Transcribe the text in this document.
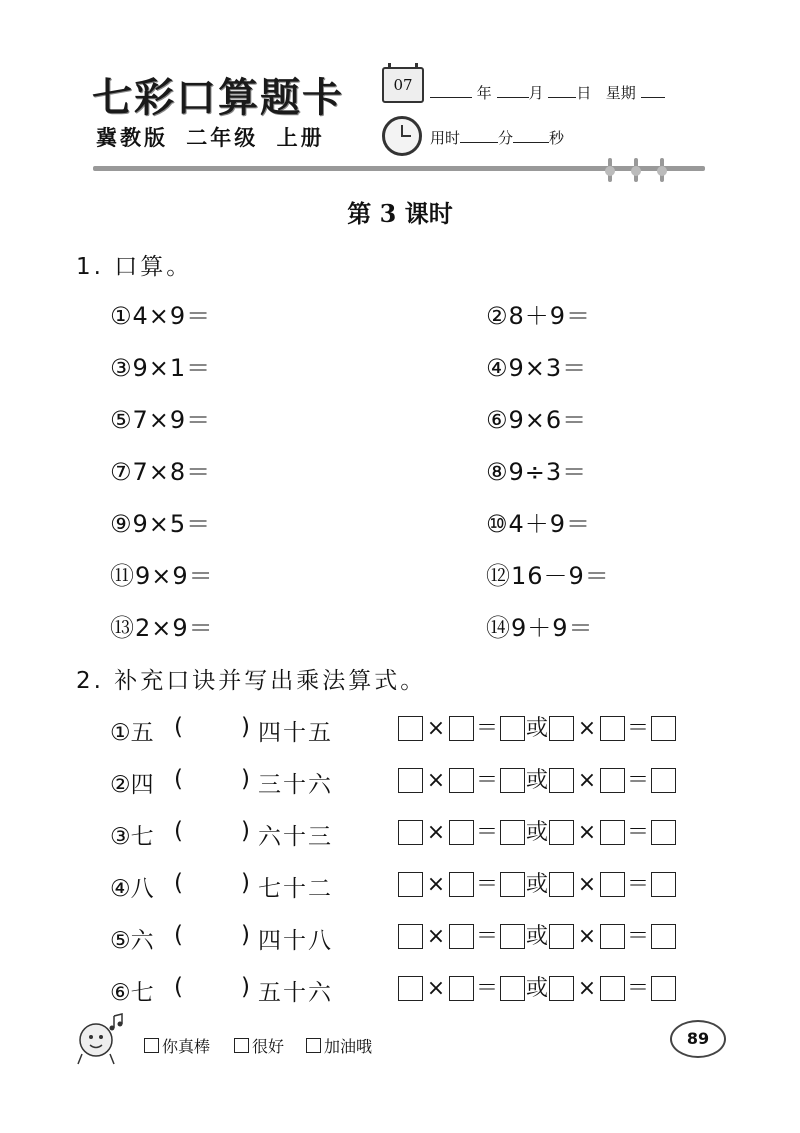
七彩口算题卡
冀教版 二年级 上册
07	年 月 日 星期
用时	分 秒
第 3 课时
1. 口算。
①4×9＝	②8＋9＝
③9×1＝	④9×3＝
⑤7×9＝	⑥9×6＝
⑦7×8＝	⑧9÷3＝
⑨9×5＝	⑩4＋9＝
⑪9×9＝	⑫16－9＝
⑬2×9＝	⑭9＋9＝
2. 补充口诀并写出乘法算式。
①五 (	) 四十五	× ＝ 或 × ＝
②四 (	) 三十六	× ＝ 或 × ＝
③七 (	) 六十三	× ＝ 或 × ＝
④八 (	) 七十二	× ＝ 或 × ＝
⑤六 (	) 四十八	× ＝ 或 × ＝
⑥七 (	) 五十六	× ＝ 或 × ＝
你真棒	很好 加油哦	89
